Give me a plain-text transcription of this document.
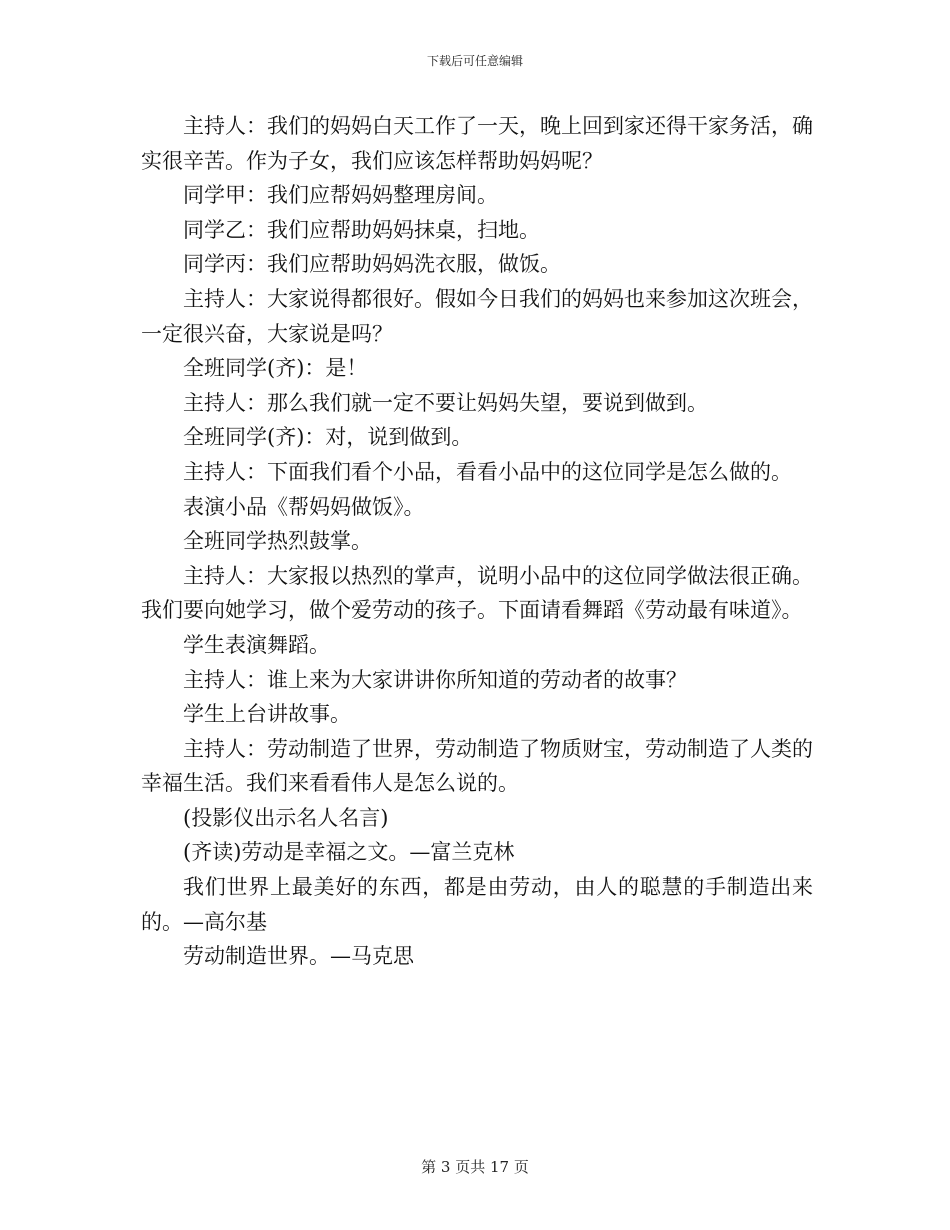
下载后可任意编辑

主持人：我们的妈妈白天工作了一天，晚上回到家还得干家务活，确实很辛苦。作为子女，我们应该怎样帮助妈妈呢？

同学甲：我们应帮妈妈整理房间。

同学乙：我们应帮助妈妈抹桌，扫地。

同学丙：我们应帮助妈妈洗衣服，做饭。

主持人：大家说得都很好。假如今日我们的妈妈也来参加这次班会，一定很兴奋，大家说是吗？

全班同学(齐)：是！

主持人：那么我们就一定不要让妈妈失望，要说到做到。

全班同学(齐)：对，说到做到。

主持人：下面我们看个小品，看看小品中的这位同学是怎么做的。

表演小品《帮妈妈做饭》。

全班同学热烈鼓掌。

主持人：大家报以热烈的掌声，说明小品中的这位同学做法很正确。我们要向她学习，做个爱劳动的孩子。下面请看舞蹈《劳动最有味道》。

学生表演舞蹈。

主持人：谁上来为大家讲讲你所知道的劳动者的故事？

学生上台讲故事。

主持人：劳动制造了世界，劳动制造了物质财宝，劳动制造了人类的幸福生活。我们来看看伟人是怎么说的。

(投影仪出示名人名言)

(齐读)劳动是幸福之文。—富兰克林

我们世界上最美好的东西，都是由劳动，由人的聪慧的手制造出来的。—高尔基

劳动制造世界。—马克思

第 3 页共 17 页
